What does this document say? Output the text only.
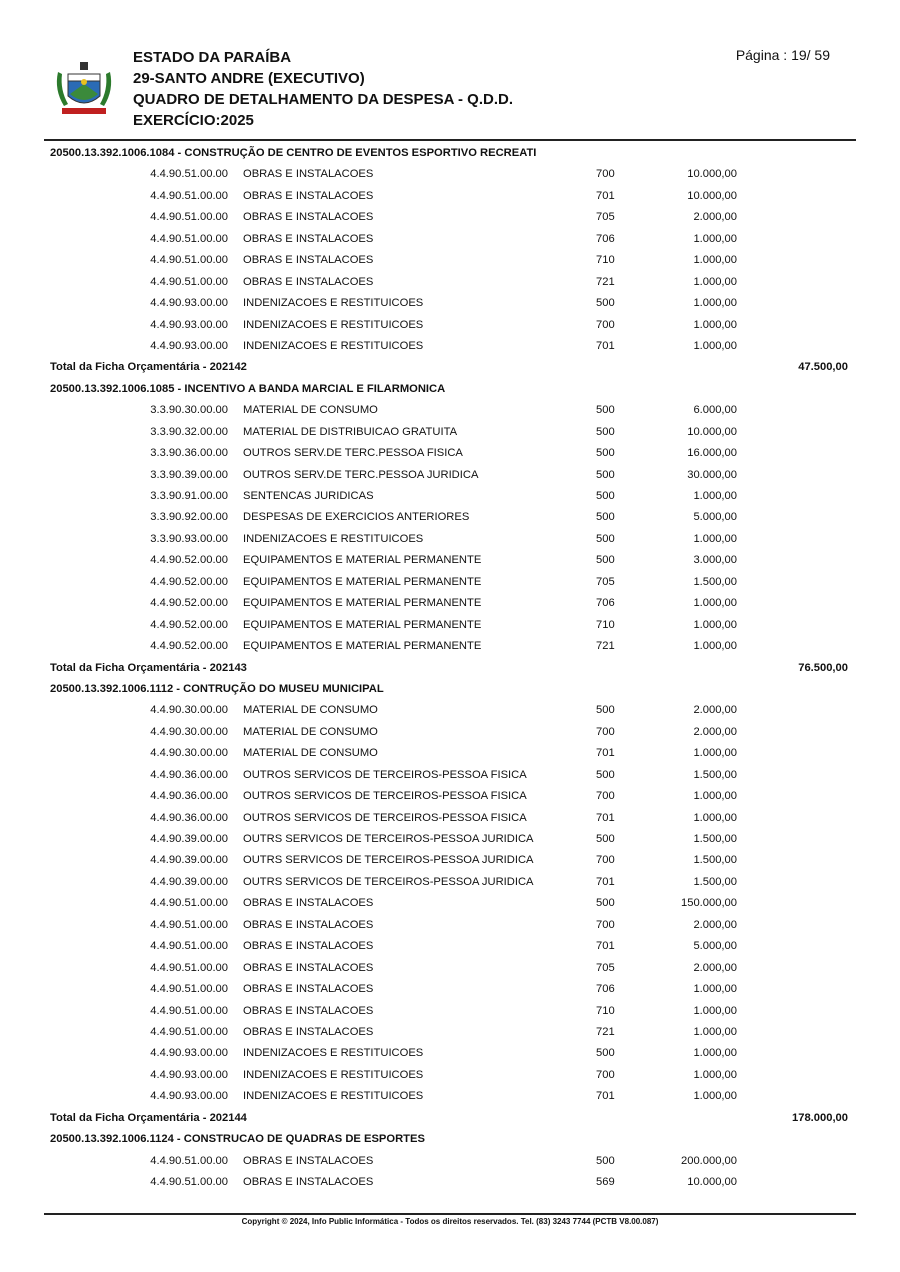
ESTADO DA PARAÍBA
29-SANTO ANDRE (EXECUTIVO)
QUADRO DE DETALHAMENTO DA DESPESA - Q.D.D.
EXERCÍCIO:2025
Página : 19/ 59
20500.13.392.1006.1084 - CONSTRUÇÃO DE CENTRO DE EVENTOS ESPORTIVO RECREATI
4.4.90.51.00.00 OBRAS E INSTALACOES	700	10.000,00
4.4.90.51.00.00 OBRAS E INSTALACOES	701	10.000,00
4.4.90.51.00.00 OBRAS E INSTALACOES	705	2.000,00
4.4.90.51.00.00 OBRAS E INSTALACOES	706	1.000,00
4.4.90.51.00.00 OBRAS E INSTALACOES	710	1.000,00
4.4.90.51.00.00 OBRAS E INSTALACOES	721	1.000,00
4.4.90.93.00.00 INDENIZACOES E RESTITUICOES	500	1.000,00
4.4.90.93.00.00 INDENIZACOES E RESTITUICOES	700	1.000,00
4.4.90.93.00.00 INDENIZACOES E RESTITUICOES	701	1.000,00
Total da Ficha Orçamentária - 202142	47.500,00
20500.13.392.1006.1085 - INCENTIVO A BANDA MARCIAL E FILARMONICA
3.3.90.30.00.00 MATERIAL DE CONSUMO	500	6.000,00
3.3.90.32.00.00 MATERIAL DE DISTRIBUICAO GRATUITA	500	10.000,00
3.3.90.36.00.00 OUTROS SERV.DE TERC.PESSOA FISICA	500	16.000,00
3.3.90.39.00.00 OUTROS SERV.DE TERC.PESSOA JURIDICA	500	30.000,00
3.3.90.91.00.00 SENTENCAS JURIDICAS	500	1.000,00
3.3.90.92.00.00 DESPESAS DE EXERCICIOS ANTERIORES	500	5.000,00
3.3.90.93.00.00 INDENIZACOES E RESTITUICOES	500	1.000,00
4.4.90.52.00.00 EQUIPAMENTOS E MATERIAL PERMANENTE	500	3.000,00
4.4.90.52.00.00 EQUIPAMENTOS E MATERIAL PERMANENTE	705	1.500,00
4.4.90.52.00.00 EQUIPAMENTOS E MATERIAL PERMANENTE	706	1.000,00
4.4.90.52.00.00 EQUIPAMENTOS E MATERIAL PERMANENTE	710	1.000,00
4.4.90.52.00.00 EQUIPAMENTOS E MATERIAL PERMANENTE	721	1.000,00
Total da Ficha Orçamentária - 202143	76.500,00
20500.13.392.1006.1112 - CONTRUÇÃO DO MUSEU MUNICIPAL
4.4.90.30.00.00 MATERIAL DE CONSUMO	500	2.000,00
4.4.90.30.00.00 MATERIAL DE CONSUMO	700	2.000,00
4.4.90.30.00.00 MATERIAL DE CONSUMO	701	1.000,00
4.4.90.36.00.00 OUTROS SERVICOS DE TERCEIROS-PESSOA FISICA	500	1.500,00
4.4.90.36.00.00 OUTROS SERVICOS DE TERCEIROS-PESSOA FISICA	700	1.000,00
4.4.90.36.00.00 OUTROS SERVICOS DE TERCEIROS-PESSOA FISICA	701	1.000,00
4.4.90.39.00.00 OUTRS SERVICOS DE TERCEIROS-PESSOA JURIDICA	500	1.500,00
4.4.90.39.00.00 OUTRS SERVICOS DE TERCEIROS-PESSOA JURIDICA	700	1.500,00
4.4.90.39.00.00 OUTRS SERVICOS DE TERCEIROS-PESSOA JURIDICA	701	1.500,00
4.4.90.51.00.00 OBRAS E INSTALACOES	500	150.000,00
4.4.90.51.00.00 OBRAS E INSTALACOES	700	2.000,00
4.4.90.51.00.00 OBRAS E INSTALACOES	701	5.000,00
4.4.90.51.00.00 OBRAS E INSTALACOES	705	2.000,00
4.4.90.51.00.00 OBRAS E INSTALACOES	706	1.000,00
4.4.90.51.00.00 OBRAS E INSTALACOES	710	1.000,00
4.4.90.51.00.00 OBRAS E INSTALACOES	721	1.000,00
4.4.90.93.00.00 INDENIZACOES E RESTITUICOES	500	1.000,00
4.4.90.93.00.00 INDENIZACOES E RESTITUICOES	700	1.000,00
4.4.90.93.00.00 INDENIZACOES E RESTITUICOES	701	1.000,00
Total da Ficha Orçamentária - 202144	178.000,00
20500.13.392.1006.1124 - CONSTRUCAO DE QUADRAS DE ESPORTES
4.4.90.51.00.00 OBRAS E INSTALACOES	500	200.000,00
4.4.90.51.00.00 OBRAS E INSTALACOES	569	10.000,00
Copyright © 2024, Info Public Informática - Todos os direitos reservados. Tel. (83) 3243 7744 (PCTB V8.00.087)
